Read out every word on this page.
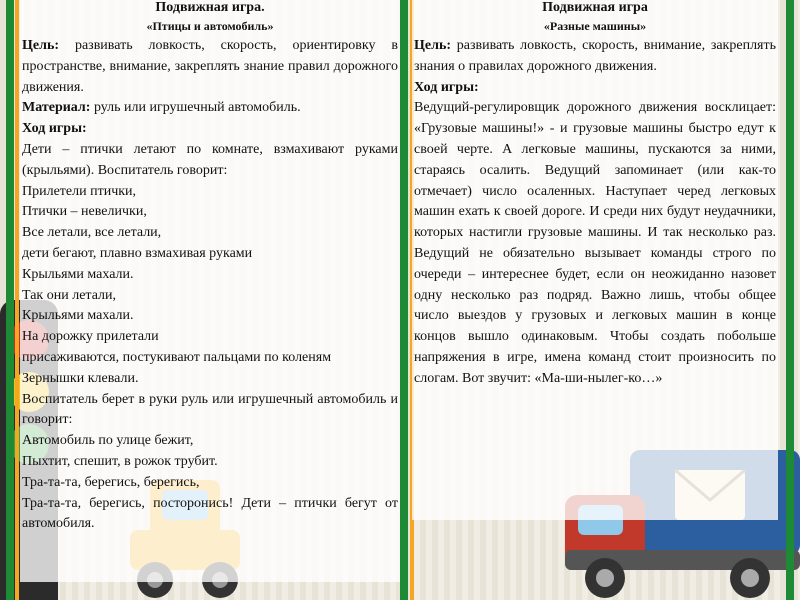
Подвижная игра.

«Птицы и автомобиль»

Цель: развивать ловкость, скорость, ориентировку в пространстве, внимание, закреплять знание правил дорожного движения.

Материал: руль или игрушечный автомобиль.

Ход игры:

Дети – птички летают по комнате, взмахивают руками (крыльями). Воспитатель говорит:

Прилетели птички,

Птички – невелички,

Все летали, все летали,

дети бегают, плавно взмахивая руками

Крыльями махали.

Так они летали,

Крыльями махали.

На дорожку прилетали

присаживаются, постукивают пальцами по коленям

Зернышки клевали.

Воспитатель берет в руки руль или игрушечный автомобиль и говорит:

Автомобиль по улице бежит,

Пыхтит, спешит, в рожок трубит.

Тра-та-та, берегись, берегись,

Тра-та-та, берегись, посторонись! Дети – птички бегут от автомобиля.

Подвижная игра

«Разные машины»

Цель: развивать ловкость, скорость, внимание, закреплять знания о правилах дорожного движения.

Ход игры:

Ведущий-регулировщик дорожного движения восклицает: «Грузовые машины!» - и грузовые машины быстро едут к своей черте. А легковые машины, пускаются за ними, стараясь осалить. Ведущий запоминает (или как-то отмечает) число осаленных. Наступает черед легковых машин ехать к своей дороге. И среди них будут неудачники, которых настигли грузовые машины. И так несколько раз. Ведущий не обязательно вызывает команды строго по очереди – интереснее будет, если он неожиданно назовет одну несколько раз подряд. Важно лишь, чтобы общее число выездов у грузовых и легковых машин в конце концов вышло одинаковым. Чтобы создать побольше напряжения в игре, имена команд стоит произносить по слогам. Вот звучит: «Ма-ши-нылег-ко…»
